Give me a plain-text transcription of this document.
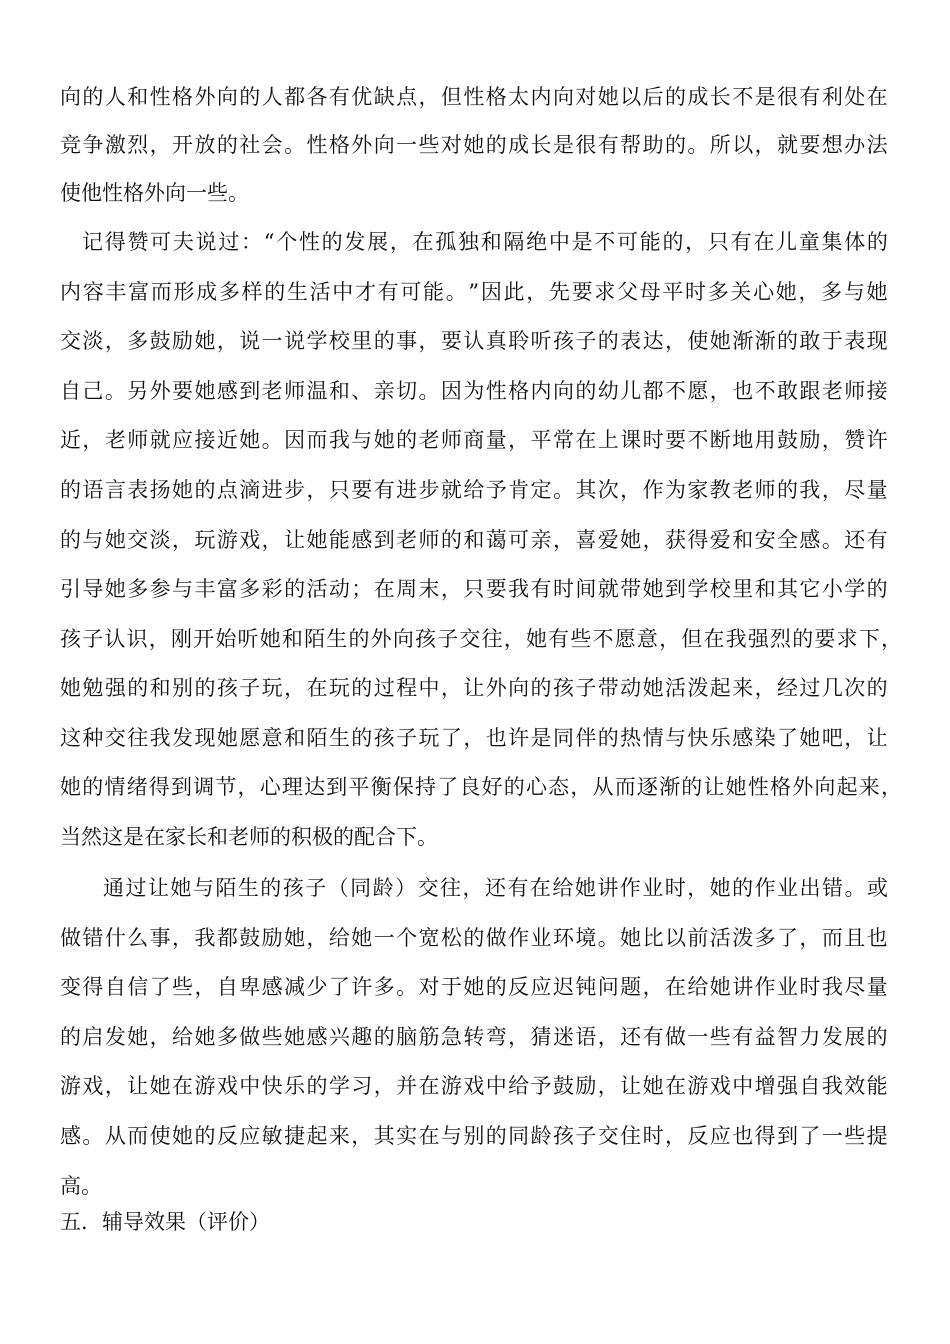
向 的 人 和 性 格 外 向 的 人 都 各 有 优 缺 点 ， 但 性 格 太 内 向 对 她 以 后 的 成 长 不 是 很 有 利 处 在
竞 争 激 烈 ， 开 放 的 社 会 。 性 格 外 向 一 些 对 她 的 成 长 是 很 有 帮 助 的 。 所 以 ， 就 要 想 办 法
使他性格外向一些。
记 得 赞 可 夫 说 过 ： “ 个 性 的 发 展 ， 在 孤 独 和 隔 绝 中 是 不 可 能 的 ， 只 有 在 儿 童 集 体 的
内 容 丰 富 而 形 成 多 样 的 生 活 中 才 有 可 能 。 ” 因 此 ， 先 要 求 父 母 平 时 多 关 心 她 ， 多 与 她
交 淡 ， 多 鼓 励 她 ， 说 一 说 学 校 里 的 事 ， 要 认 真 聆 听 孩 子 的 表 达 ， 使 她 渐 渐 的 敢 于 表 现
自 己 。 另 外 要 她 感 到 老 师 温 和 、 亲 切 。 因 为 性 格 内 向 的 幼 儿 都 不 愿 ， 也 不 敢 跟 老 师 接
近 ， 老 师 就 应 接 近 她 。 因 而 我 与 她 的 老 师 商 量 ， 平 常 在 上 课 时 要 不 断 地 用 鼓 励 ， 赞 许
的 语 言 表 扬 她 的 点 滴 进 步 ， 只 要 有 进 步 就 给 予 肯 定 。 其 次 ， 作 为 家 教 老 师 的 我 ， 尽 量
的 与 她 交 淡 ， 玩 游 戏 ， 让 她 能 感 到 老 师 的 和 蔼 可 亲 ， 喜 爱 她 ， 获 得 爱 和 安 全 感 。 还 有
引 导 她 多 参 与 丰 富 多 彩 的 活 动 ； 在 周 末 ， 只 要 我 有 时 间 就 带 她 到 学 校 里 和 其 它 小 学 的
孩 子 认 识 ， 刚 开 始 听 她 和 陌 生 的 外 向 孩 子 交 往 ， 她 有 些 不 愿 意 ， 但 在 我 强 烈 的 要 求 下 ，
她 勉 强 的 和 别 的 孩 子 玩 ， 在 玩 的 过 程 中 ， 让 外 向 的 孩 子 带 动 她 活 泼 起 来 ， 经 过 几 次 的
这 种 交 往 我 发 现 她 愿 意 和 陌 生 的 孩 子 玩 了 ， 也 许 是 同 伴 的 热 情 与 快 乐 感 染 了 她 吧 ， 让
她 的 情 绪 得 到 调 节 ， 心 理 达 到 平 衡 保 持 了 良 好 的 心 态 ， 从 而 逐 渐 的 让 她 性 格 外 向 起 来 ，
当然这是在家长和老师的积极的配合下。
通 过 让 她 与 陌 生 的 孩 子 （ 同 龄 ） 交 往 ， 还 有 在 给 她 讲 作 业 时 ， 她 的 作 业 出 错 。 或
做 错 什 么 事 ， 我 都 鼓 励 她 ， 给 她 一 个 宽 松 的 做 作 业 环 境 。 她 比 以 前 活 泼 多 了 ， 而 且 也
变 得 自 信 了 些 ， 自 卑 感 减 少 了 许 多 。 对 于 她 的 反 应 迟 钝 问 题 ， 在 给 她 讲 作 业 时 我 尽 量
的 启 发 她 ， 给 她 多 做 些 她 感 兴 趣 的 脑 筋 急 转 弯 ， 猜 迷 语 ， 还 有 做 一 些 有 益 智 力 发 展 的
游 戏 ， 让 她 在 游 戏 中 快 乐 的 学 习 ， 并 在 游 戏 中 给 予 鼓 励 ， 让 她 在 游 戏 中 增 强 自 我 效 能
感 。 从 而 使 她 的 反 应 敏 捷 起 来 ， 其 实 在 与 别 的 同 龄 孩 子 交 住 时 ， 反 应 也 得 到 了 一 些 提
高。
五．辅导效果（评价）
